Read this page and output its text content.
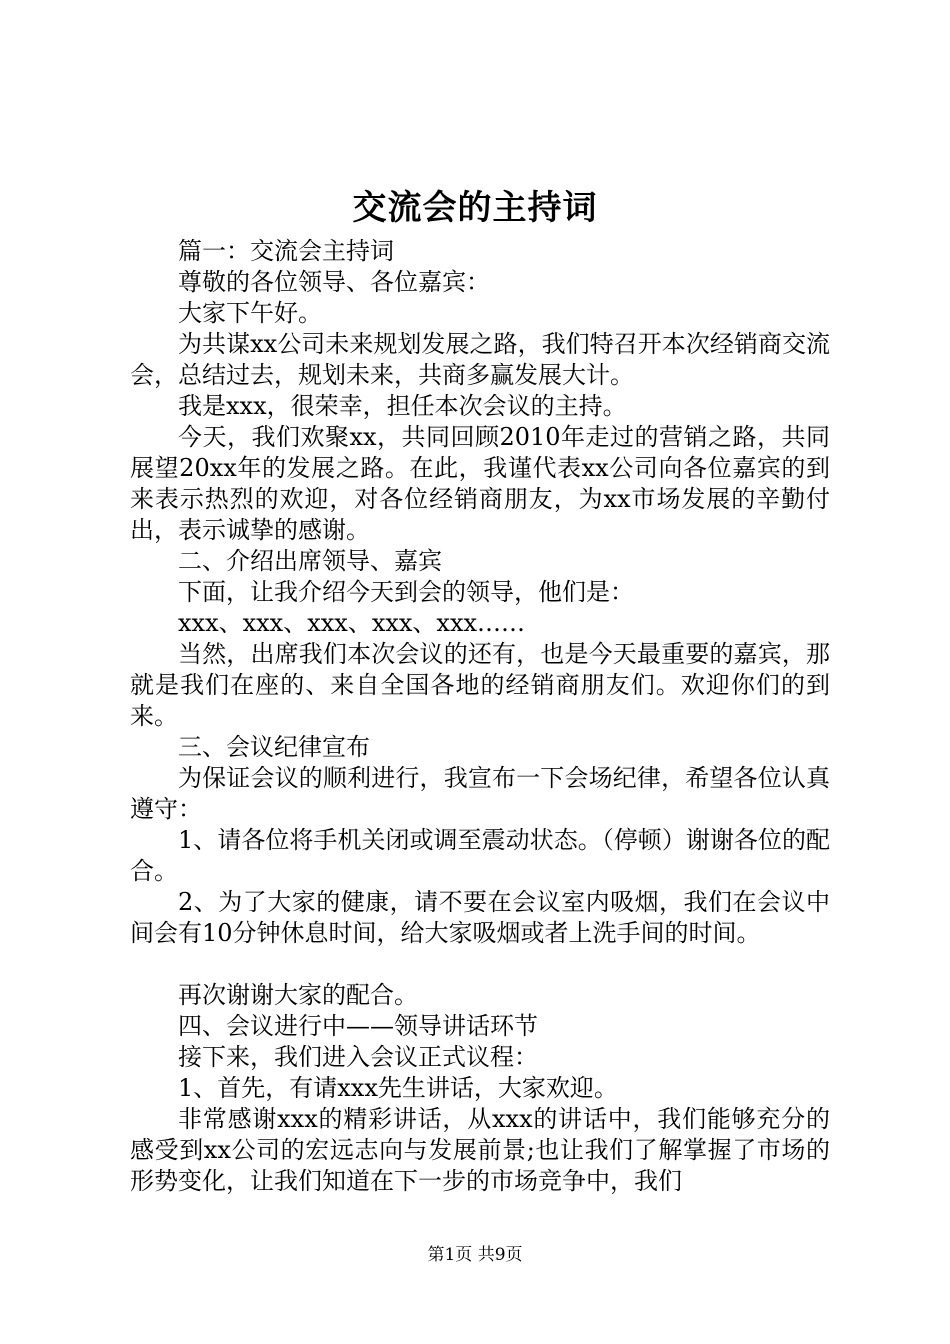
交流会的主持词

篇一：交流会主持词

尊敬的各位领导、各位嘉宾：

大家下午好。

为共谋xx公司未来规划发展之路，我们特召开本次经销商交流会，总结过去，规划未来，共商多赢发展大计。

我是xxx，很荣幸，担任本次会议的主持。

今天，我们欢聚xx，共同回顾2010年走过的营销之路，共同展望20xx年的发展之路。在此，我谨代表xx公司向各位嘉宾的到来表示热烈的欢迎，对各位经销商朋友，为xx市场发展的辛勤付出，表示诚挚的感谢。

二、介绍出席领导、嘉宾

下面，让我介绍今天到会的领导，他们是：

xxx、xxx、xxx、xxx、xxx……

当然，出席我们本次会议的还有，也是今天最重要的嘉宾，那就是我们在座的、来自全国各地的经销商朋友们。欢迎你们的到来。

三、会议纪律宣布

为保证会议的顺利进行，我宣布一下会场纪律，希望各位认真遵守：

1、请各位将手机关闭或调至震动状态。（停顿）谢谢各位的配合。

2、为了大家的健康，请不要在会议室内吸烟，我们在会议中间会有10分钟休息时间，给大家吸烟或者上洗手间的时间。

再次谢谢大家的配合。

四、会议进行中——领导讲话环节

接下来，我们进入会议正式议程：

1、首先，有请xxx先生讲话，大家欢迎。

非常感谢xxx的精彩讲话，从xxx的讲话中，我们能够充分的感受到xx公司的宏远志向与发展前景;也让我们了解掌握了市场的形势变化，让我们知道在下一步的市场竞争中，我们

第1页 共9页
